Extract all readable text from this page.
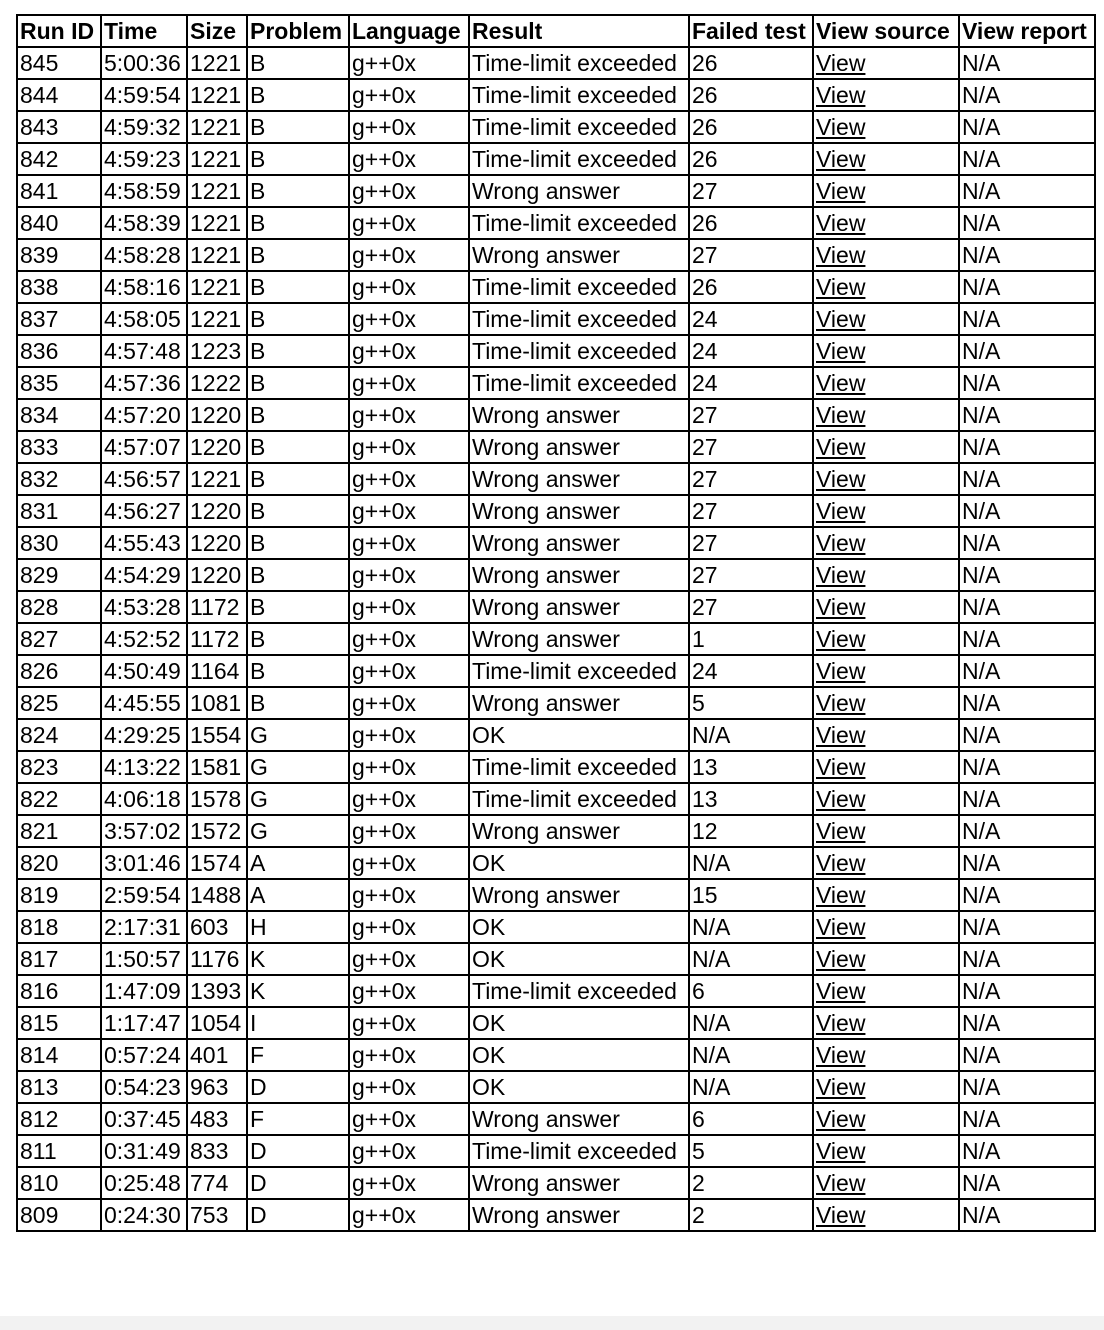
Run ID	Time	Size	Problem	Language	Result	Failed test	View source	View report
845	5:00:36	1221	B	g++0x	Time-limit exceeded	26	View	N/A
844	4:59:54	1221	B	g++0x	Time-limit exceeded	26	View	N/A
843	4:59:32	1221	B	g++0x	Time-limit exceeded	26	View	N/A
842	4:59:23	1221	B	g++0x	Time-limit exceeded	26	View	N/A
841	4:58:59	1221	B	g++0x	Wrong answer	27	View	N/A
840	4:58:39	1221	B	g++0x	Time-limit exceeded	26	View	N/A
839	4:58:28	1221	B	g++0x	Wrong answer	27	View	N/A
838	4:58:16	1221	B	g++0x	Time-limit exceeded	26	View	N/A
837	4:58:05	1221	B	g++0x	Time-limit exceeded	24	View	N/A
836	4:57:48	1223	B	g++0x	Time-limit exceeded	24	View	N/A
835	4:57:36	1222	B	g++0x	Time-limit exceeded	24	View	N/A
834	4:57:20	1220	B	g++0x	Wrong answer	27	View	N/A
833	4:57:07	1220	B	g++0x	Wrong answer	27	View	N/A
832	4:56:57	1221	B	g++0x	Wrong answer	27	View	N/A
831	4:56:27	1220	B	g++0x	Wrong answer	27	View	N/A
830	4:55:43	1220	B	g++0x	Wrong answer	27	View	N/A
829	4:54:29	1220	B	g++0x	Wrong answer	27	View	N/A
828	4:53:28	1172	B	g++0x	Wrong answer	27	View	N/A
827	4:52:52	1172	B	g++0x	Wrong answer	1	View	N/A
826	4:50:49	1164	B	g++0x	Time-limit exceeded	24	View	N/A
825	4:45:55	1081	B	g++0x	Wrong answer	5	View	N/A
824	4:29:25	1554	G	g++0x	OK	N/A	View	N/A
823	4:13:22	1581	G	g++0x	Time-limit exceeded	13	View	N/A
822	4:06:18	1578	G	g++0x	Time-limit exceeded	13	View	N/A
821	3:57:02	1572	G	g++0x	Wrong answer	12	View	N/A
820	3:01:46	1574	A	g++0x	OK	N/A	View	N/A
819	2:59:54	1488	A	g++0x	Wrong answer	15	View	N/A
818	2:17:31	603	H	g++0x	OK	N/A	View	N/A
817	1:50:57	1176	K	g++0x	OK	N/A	View	N/A
816	1:47:09	1393	K	g++0x	Time-limit exceeded	6	View	N/A
815	1:17:47	1054	I	g++0x	OK	N/A	View	N/A
814	0:57:24	401	F	g++0x	OK	N/A	View	N/A
813	0:54:23	963	D	g++0x	OK	N/A	View	N/A
812	0:37:45	483	F	g++0x	Wrong answer	6	View	N/A
811	0:31:49	833	D	g++0x	Time-limit exceeded	5	View	N/A
810	0:25:48	774	D	g++0x	Wrong answer	2	View	N/A
809	0:24:30	753	D	g++0x	Wrong answer	2	View	N/A
